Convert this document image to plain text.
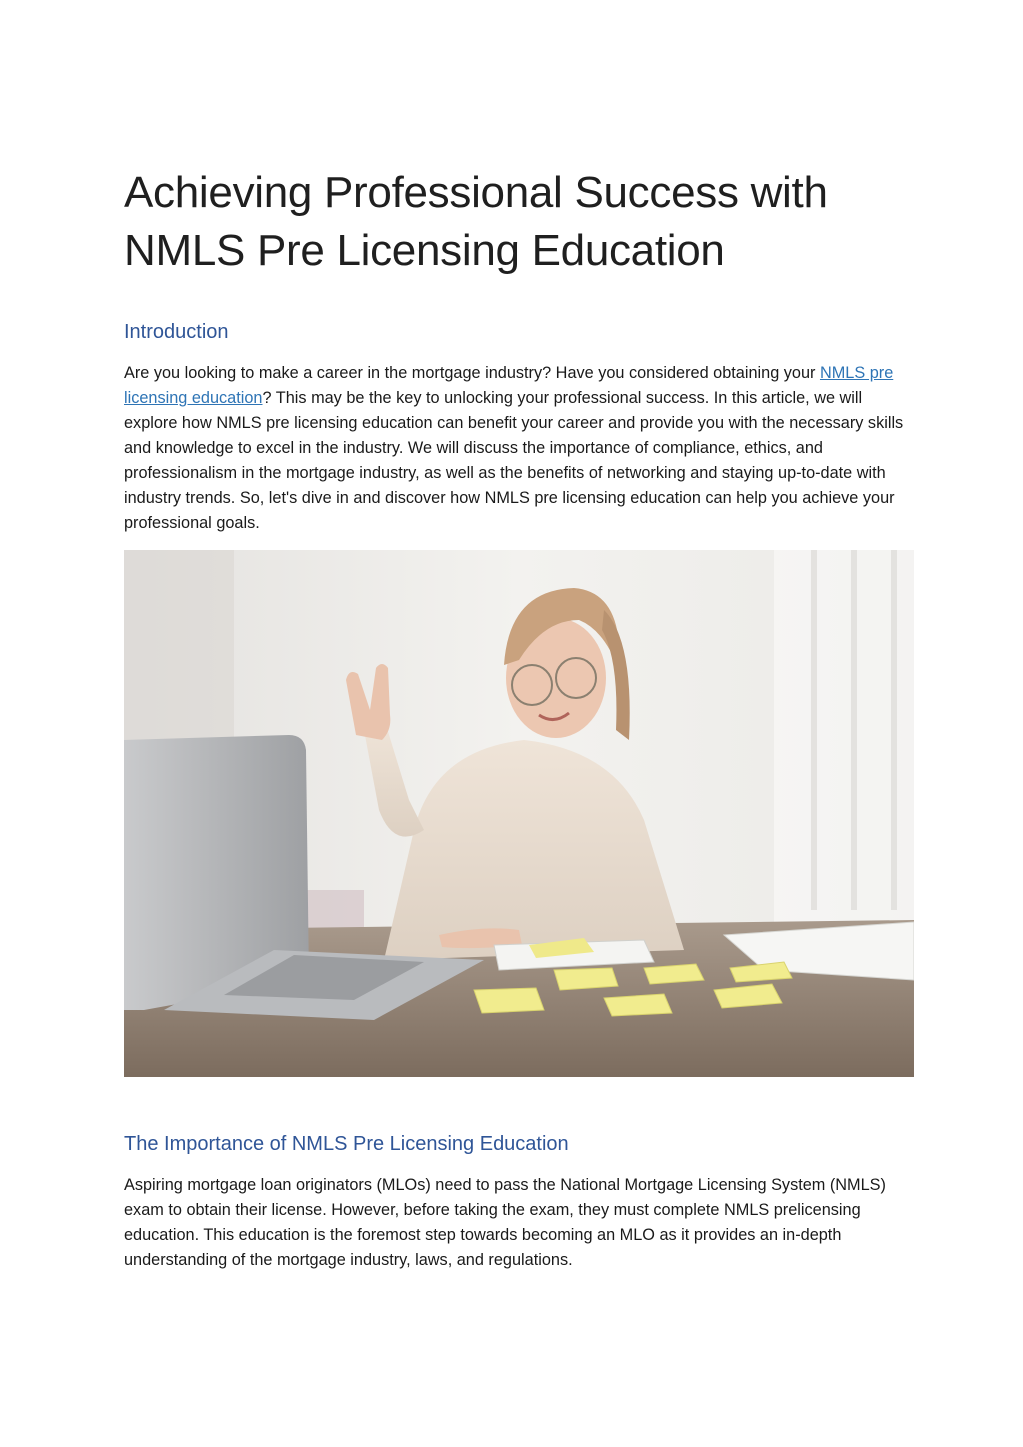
Achieving Professional Success with NMLS Pre Licensing Education
Introduction

Are you looking to make a career in the mortgage industry? Have you considered obtaining your NMLS pre licensing education? This may be the key to unlocking your professional success. In this article, we will explore how NMLS pre licensing education can benefit your career and provide you with the necessary skills and knowledge to excel in the industry. We will discuss the importance of compliance, ethics, and professionalism in the mortgage industry, as well as the benefits of networking and staying up-to-date with industry trends. So, let's dive in and discover how NMLS pre licensing education can help you achieve your professional goals.

The Importance of NMLS Pre Licensing Education

Aspiring mortgage loan originators (MLOs) need to pass the National Mortgage Licensing System (NMLS) exam to obtain their license. However, before taking the exam, they must complete NMLS prelicensing education. This education is the foremost step towards becoming an MLO as it provides an in-depth understanding of the mortgage industry, laws, and regulations.
